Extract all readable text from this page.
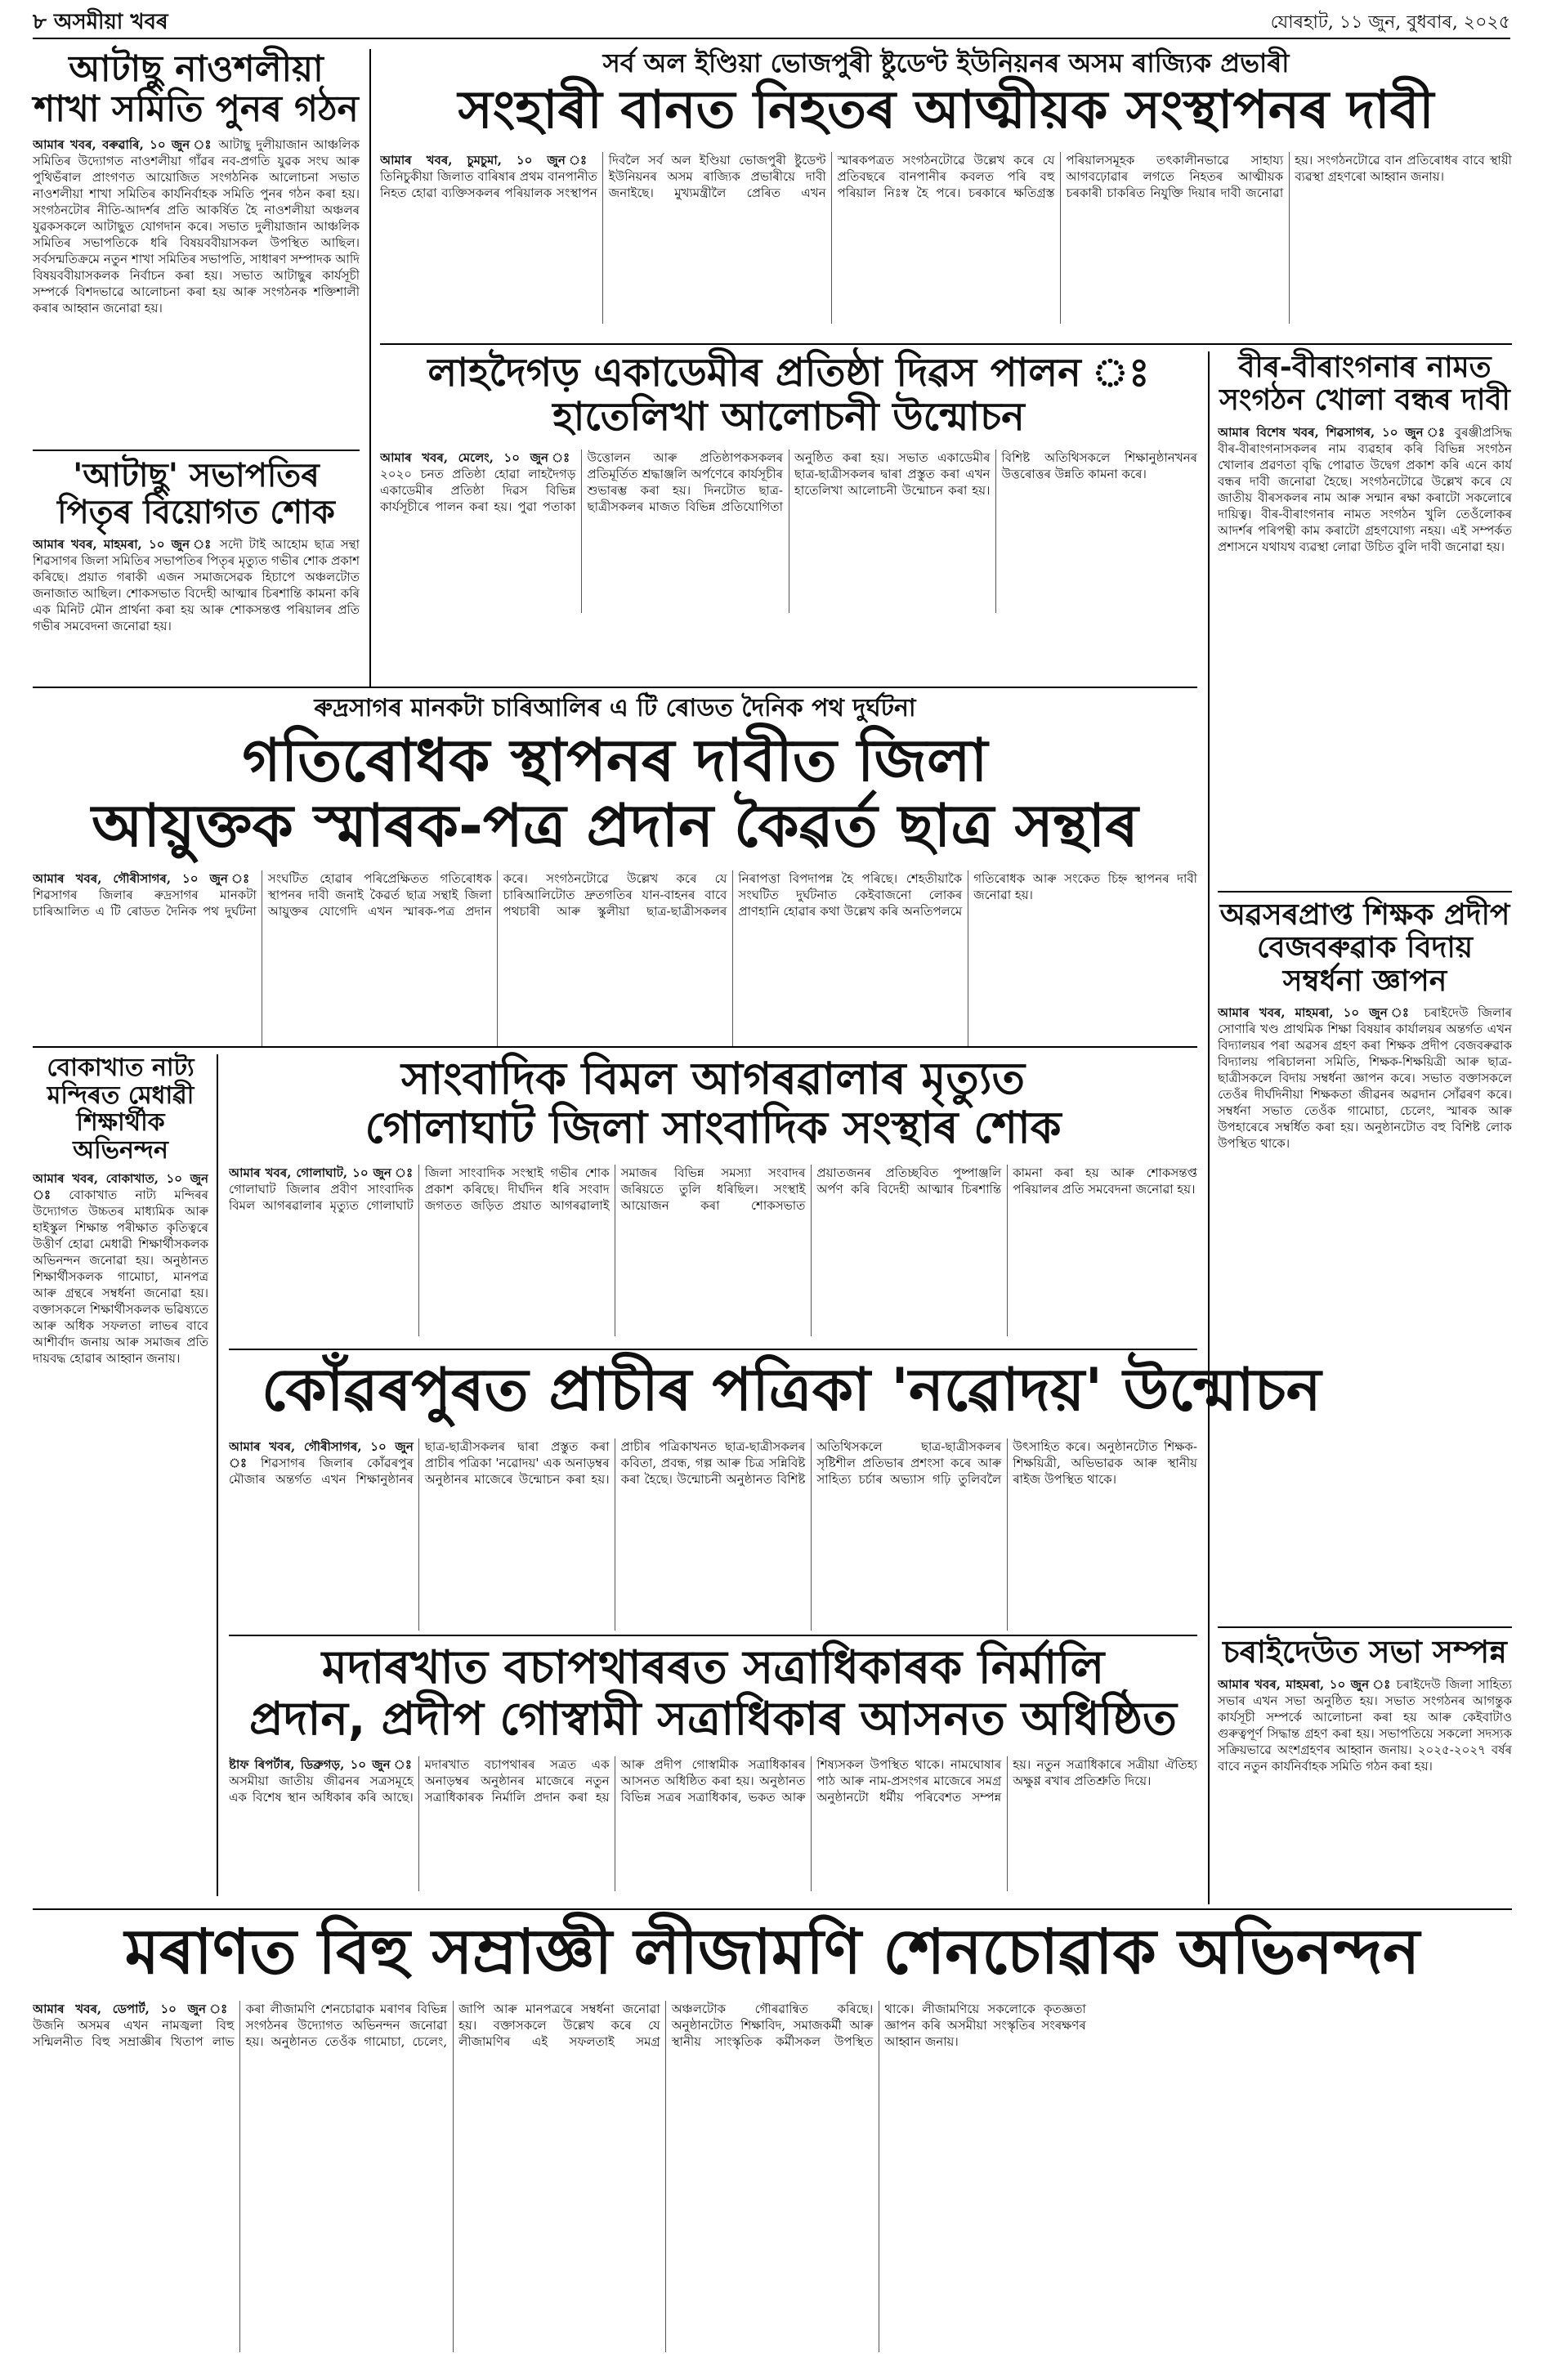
৮ অসমীয়া খবৰ	যোৰহাট, ১১ জুন, বুধবাৰ, ২০২৫
আটাছু নাওশলীয়া শাখা সমিতি পুনৰ গঠন
আমাৰ খবৰ, বৰুৱাৰি, ১০ জুন ঃ আটাছু দুলীয়াজান আঞ্চলিক সমিতিৰ উদ্যোগত নাওশলীয়া গাঁৱৰ নব-প্ৰগতি যুৱক সংঘ আৰু পুথিভঁৰাল প্ৰাংগণত আয়োজিত সংগঠনিক আলোচনা সভাত নাওশলীয়া শাখা সমিতিৰ কাৰ্যনিৰ্বাহক সমিতি পুনৰ গঠন কৰা হয়। সংগঠনটোৰ নীতি-আদৰ্শৰ প্ৰতি আকৰ্ষিত হৈ নাওশলীয়া অঞ্চলৰ যুৱকসকলে আটাছুত যোগদান কৰে। সভাত দুলীয়াজান আঞ্চলিক সমিতিৰ সভাপতিকে ধৰি বিষয়ববীয়াসকল উপস্থিত আছিল। সৰ্বসন্মতিক্ৰমে নতুন শাখা সমিতিৰ সভাপতি, সাধাৰণ সম্পাদক আদি বিষয়ববীয়াসকলক নিৰ্বাচন কৰা হয়। সভাত আটাছুৰ কাৰ্যসূচী সম্পৰ্কে বিশদভাৱে আলোচনা কৰা হয় আৰু সংগঠনক শক্তিশালী কৰাৰ আহ্বান জনোৱা হয়।
'আটাছু' সভাপতিৰ পিতৃৰ বিয়োগত শোক
আমাৰ খবৰ, মাহমৰা, ১০ জুন ঃ সদৌ টাই আহোম ছাত্ৰ সন্থা শিৱসাগৰ জিলা সমিতিৰ সভাপতিৰ পিতৃৰ মৃত্যুত গভীৰ শোক প্ৰকাশ কৰিছে। প্ৰয়াত গৰাকী এজন সমাজসেৱক হিচাপে অঞ্চলটোত জনাজাত আছিল। শোকসভাত বিদেহী আত্মাৰ চিৰশান্তি কামনা কৰি এক মিনিট মৌন প্ৰাৰ্থনা কৰা হয় আৰু শোকসন্তপ্ত পৰিয়ালৰ প্ৰতি গভীৰ সমবেদনা জনোৱা হয়।
সৰ্ব অল ইণ্ডিয়া ভোজপুৰী ষ্টুডেণ্ট ইউনিয়নৰ অসম ৰাজ্যিক প্ৰভাৰী
সংহাৰী বানত নিহতৰ আত্মীয়ক সংস্থাপনৰ দাবী
আমাৰ খবৰ, চুমচুমা, ১০ জুন ঃ তিনিচুকীয়া জিলাত বাৰিষাৰ প্ৰথম বানপানীত নিহত হোৱা ব্যক্তিসকলৰ পৰিয়ালক সংস্থাপন দিবলৈ সৰ্ব অল ইণ্ডিয়া ভোজপুৰী ষ্টুডেণ্ট ইউনিয়নৰ অসম ৰাজ্যিক প্ৰভাৰীয়ে দাবী জনাইছে। মুখ্যমন্ত্ৰীলৈ প্ৰেৰিত এখন স্মাৰকপত্ৰত সংগঠনটোৱে উল্লেখ কৰে যে প্ৰতিবছৰে বানপানীৰ কবলত পৰি বহু পৰিয়াল নিঃস্ব হৈ পৰে। চৰকাৰে ক্ষতিগ্ৰস্ত পৰিয়ালসমূহক তৎকালীনভাৱে সাহায্য আগবঢ়োৱাৰ লগতে নিহতৰ আত্মীয়ক চৰকাৰী চাকৰিত নিযুক্তি দিয়াৰ দাবী জনোৱা হয়। সংগঠনটোৱে বান প্ৰতিৰোধৰ বাবে স্থায়ী ব্যৱস্থা গ্ৰহণৰো আহ্বান জনায়।
লাহদৈগড় একাডেমীৰ প্ৰতিষ্ঠা দিৱস পালন ঃ হাতেলিখা আলোচনী উন্মোচন
আমাৰ খবৰ, মেলেং, ১০ জুন ঃ ২০২০ চনত প্ৰতিষ্ঠা হোৱা লাহদৈগড় একাডেমীৰ প্ৰতিষ্ঠা দিৱস বিভিন্ন কাৰ্যসূচীৰে পালন কৰা হয়। পুৱা পতাকা উত্তোলন আৰু প্ৰতিষ্ঠাপকসকলৰ প্ৰতিমূৰ্তিত শ্ৰদ্ধাঞ্জলি অৰ্পণেৰে কাৰ্যসূচীৰ শুভাৰম্ভ কৰা হয়। দিনটোত ছাত্ৰ-ছাত্ৰীসকলৰ মাজত বিভিন্ন প্ৰতিযোগিতা অনুষ্ঠিত কৰা হয়। সভাত একাডেমীৰ ছাত্ৰ-ছাত্ৰীসকলৰ দ্বাৰা প্ৰস্তুত কৰা এখন হাতেলিখা আলোচনী উন্মোচন কৰা হয়। বিশিষ্ট অতিথিসকলে শিক্ষানুষ্ঠানখনৰ উত্তৰোত্তৰ উন্নতি কামনা কৰে।
বীৰ-বীৰাংগনাৰ নামত সংগঠন খোলা বন্ধৰ দাবী
আমাৰ বিশেষ খবৰ, শিৱসাগৰ, ১০ জুন ঃ বুৰঞ্জীপ্ৰসিদ্ধ বীৰ-বীৰাংগনাসকলৰ নাম ব্যৱহাৰ কৰি বিভিন্ন সংগঠন খোলাৰ প্ৰৱণতা বৃদ্ধি পোৱাত উদ্বেগ প্ৰকাশ কৰি এনে কাৰ্য বন্ধৰ দাবী জনোৱা হৈছে। সংগঠনটোৱে উল্লেখ কৰে যে জাতীয় বীৰসকলৰ নাম আৰু সন্মান ৰক্ষা কৰাটো সকলোৰে দায়িত্ব। বীৰ-বীৰাংগনাৰ নামত সংগঠন খুলি তেওঁলোকৰ আদৰ্শৰ পৰিপন্থী কাম কৰাটো গ্ৰহণযোগ্য নহয়। এই সম্পৰ্কত প্ৰশাসনে যথাযথ ব্যৱস্থা লোৱা উচিত বুলি দাবী জনোৱা হয়।
ৰুদ্ৰসাগৰ মানকটা চাৰিআলিৰ এ টি ৰোডত দৈনিক পথ দুৰ্ঘটনা
গতিৰোধক স্থাপনৰ দাবীত জিলা
আয়ুক্তক স্মাৰক-পত্ৰ প্ৰদান কৈৱৰ্ত ছাত্ৰ সন্থাৰ
আমাৰ খবৰ, গৌৰীসাগৰ, ১০ জুন ঃ শিৱসাগৰ জিলাৰ ৰুদ্ৰসাগৰ মানকটা চাৰিআলিত এ টি ৰোডত দৈনিক পথ দুৰ্ঘটনা সংঘটিত হোৱাৰ পৰিপ্ৰেক্ষিতত গতিৰোধক স্থাপনৰ দাবী জনাই কৈৱৰ্ত ছাত্ৰ সন্থাই জিলা আয়ুক্তৰ যোগেদি এখন স্মাৰক-পত্ৰ প্ৰদান কৰে। সংগঠনটোৱে উল্লেখ কৰে যে চাৰিআলিটোত দ্ৰুতগতিৰ যান-বাহনৰ বাবে পথচাৰী আৰু স্কুলীয়া ছাত্ৰ-ছাত্ৰীসকলৰ নিৰাপত্তা বিপদাপন্ন হৈ পৰিছে। শেহতীয়াকৈ সংঘটিত দুৰ্ঘটনাত কেইবাজনো লোকৰ প্ৰাণহানি হোৱাৰ কথা উল্লেখ কৰি অনতিপলমে গতিৰোধক আৰু সংকেত চিহ্ন স্থাপনৰ দাবী জনোৱা হয়।
অৱসৰপ্ৰাপ্ত শিক্ষক প্ৰদীপ বেজবৰুৱাক বিদায় সম্বৰ্ধনা জ্ঞাপন
আমাৰ খবৰ, মাহমৰা, ১০ জুন ঃ চৰাইদেউ জিলাৰ সোণাৰি খণ্ড প্ৰাথমিক শিক্ষা বিষয়াৰ কাৰ্যালয়ৰ অন্তৰ্গত এখন বিদ্যালয়ৰ পৰা অৱসৰ গ্ৰহণ কৰা শিক্ষক প্ৰদীপ বেজবৰুৱাক বিদ্যালয় পৰিচালনা সমিতি, শিক্ষক-শিক্ষয়িত্ৰী আৰু ছাত্ৰ-ছাত্ৰীসকলে বিদায় সম্বৰ্ধনা জ্ঞাপন কৰে। সভাত বক্তাসকলে তেওঁৰ দীৰ্ঘদিনীয়া শিক্ষকতা জীৱনৰ অৱদান সোঁৱৰণ কৰে। সম্বৰ্ধনা সভাত তেওঁক গামোচা, চেলেং, স্মাৰক আৰু উপহাৰেৰে সম্বৰ্ধিত কৰা হয়। অনুষ্ঠানটোত বহু বিশিষ্ট লোক উপস্থিত থাকে।
বোকাখাত নাট্য মন্দিৰত মেধাৱী শিক্ষাৰ্থীক অভিনন্দন
আমাৰ খবৰ, বোকাখাত, ১০ জুন ঃ বোকাখাত নাট্য মন্দিৰৰ উদ্যোগত উচ্চতৰ মাধ্যমিক আৰু হাইস্কুল শিক্ষান্ত পৰীক্ষাত কৃতিত্বৰে উত্তীৰ্ণ হোৱা মেধাৱী শিক্ষাৰ্থীসকলক অভিনন্দন জনোৱা হয়। অনুষ্ঠানত শিক্ষাৰ্থীসকলক গামোচা, মানপত্ৰ আৰু গ্ৰন্থৰে সম্বৰ্ধনা জনোৱা হয়। বক্তাসকলে শিক্ষাৰ্থীসকলক ভৱিষ্যতে আৰু অধিক সফলতা লাভৰ বাবে আশীৰ্বাদ জনায় আৰু সমাজৰ প্ৰতি দায়বদ্ধ হোৱাৰ আহ্বান জনায়।
সাংবাদিক বিমল আগৰৱালাৰ মৃত্যুত
গোলাঘাট জিলা সাংবাদিক সংস্থাৰ শোক
আমাৰ খবৰ, গোলাঘাট, ১০ জুন ঃ গোলাঘাট জিলাৰ প্ৰবীণ সাংবাদিক বিমল আগৰৱালাৰ মৃত্যুত গোলাঘাট জিলা সাংবাদিক সংস্থাই গভীৰ শোক প্ৰকাশ কৰিছে। দীৰ্ঘদিন ধৰি সংবাদ জগতত জড়িত প্ৰয়াত আগৰৱালাই সমাজৰ বিভিন্ন সমস্যা সংবাদৰ জৰিয়তে তুলি ধৰিছিল। সংস্থাই আয়োজন কৰা শোকসভাত প্ৰয়াতজনৰ প্ৰতিচ্ছবিত পুষ্পাঞ্জলি অৰ্পণ কৰি বিদেহী আত্মাৰ চিৰশান্তি কামনা কৰা হয় আৰু শোকসন্তপ্ত পৰিয়ালৰ প্ৰতি সমবেদনা জনোৱা হয়।
কোঁৱৰপুৰত প্ৰাচীৰ পত্ৰিকা 'নৱোদয়' উন্মোচন
আমাৰ খবৰ, গৌৰীসাগৰ, ১০ জুন ঃ শিৱসাগৰ জিলাৰ কোঁৱৰপুৰ মৌজাৰ অন্তৰ্গত এখন শিক্ষানুষ্ঠানৰ ছাত্ৰ-ছাত্ৰীসকলৰ দ্বাৰা প্ৰস্তুত কৰা প্ৰাচীৰ পত্ৰিকা 'নৱোদয়' এক অনাড়ম্বৰ অনুষ্ঠানৰ মাজেৰে উন্মোচন কৰা হয়। প্ৰাচীৰ পত্ৰিকাখনত ছাত্ৰ-ছাত্ৰীসকলৰ কবিতা, প্ৰবন্ধ, গল্প আৰু চিত্ৰ সন্নিবিষ্ট কৰা হৈছে। উন্মোচনী অনুষ্ঠানত বিশিষ্ট অতিথিসকলে ছাত্ৰ-ছাত্ৰীসকলৰ সৃষ্টিশীল প্ৰতিভাৰ প্ৰশংসা কৰে আৰু সাহিত্য চৰ্চাৰ অভ্যাস গঢ়ি তুলিবলৈ উৎসাহিত কৰে। অনুষ্ঠানটোত শিক্ষক-শিক্ষয়িত্ৰী, অভিভাৱক আৰু স্থানীয় ৰাইজ উপস্থিত থাকে।
চৰাইদেউত সভা সম্পন্ন
আমাৰ খবৰ, মাহমৰা, ১০ জুন ঃ চৰাইদেউ জিলা সাহিত্য সভাৰ এখন সভা অনুষ্ঠিত হয়। সভাত সংগঠনৰ আগন্তুক কাৰ্যসূচী সম্পৰ্কে আলোচনা কৰা হয় আৰু কেইবাটাও গুৰুত্বপূৰ্ণ সিদ্ধান্ত গ্ৰহণ কৰা হয়। সভাপতিয়ে সকলো সদস্যক সক্ৰিয়ভাৱে অংশগ্ৰহণৰ আহ্বান জনায়। ২০২৫-২০২৭ বৰ্ষৰ বাবে নতুন কাৰ্যনিৰ্বাহক সমিতি গঠন কৰা হয়।
মদাৰখাত বচাপথাৰৰত সত্ৰাধিকাৰক নিৰ্মালি
প্ৰদান, প্ৰদীপ গোস্বামী সত্ৰাধিকাৰ আসনত অধিষ্ঠিত
ষ্টাফ ৰিপৰ্টাৰ, ডিব্ৰুগড়, ১০ জুন ঃ অসমীয়া জাতীয় জীৱনৰ সত্ৰসমূহে এক বিশেষ স্থান অধিকাৰ কৰি আছে। মদাৰখাত বচাপথাৰৰ সত্ৰত এক অনাড়ম্বৰ অনুষ্ঠানৰ মাজেৰে নতুন সত্ৰাধিকাৰক নিৰ্মালি প্ৰদান কৰা হয় আৰু প্ৰদীপ গোস্বামীক সত্ৰাধিকাৰৰ আসনত অধিষ্ঠিত কৰা হয়। অনুষ্ঠানত বিভিন্ন সত্ৰৰ সত্ৰাধিকাৰ, ভকত আৰু শিষ্যসকল উপস্থিত থাকে। নামঘোষাৰ পাঠ আৰু নাম-প্ৰসংগৰ মাজেৰে সমগ্ৰ অনুষ্ঠানটো ধৰ্মীয় পৰিবেশত সম্পন্ন হয়। নতুন সত্ৰাধিকাৰে সত্ৰীয়া ঐতিহ্য অক্ষুণ্ণ ৰখাৰ প্ৰতিশ্ৰুতি দিয়ে।
মৰাণত বিহু সম্ৰাজ্ঞী লীজামণি শেনচোৱাক অভিনন্দন
আমাৰ খবৰ, ডেপাৰ্ট, ১০ জুন ঃ উজনি অসমৰ এখন নামজ্বলা বিহু সন্মিলনীত বিহু সম্ৰাজ্ঞীৰ খিতাপ লাভ কৰা লীজামণি শেনচোৱাক মৰাণৰ বিভিন্ন সংগঠনৰ উদ্যোগত অভিনন্দন জনোৱা হয়। অনুষ্ঠানত তেওঁক গামোচা, চেলেং, জাপি আৰু মানপত্ৰৰে সম্বৰ্ধনা জনোৱা হয়। বক্তাসকলে উল্লেখ কৰে যে লীজামণিৰ এই সফলতাই সমগ্ৰ অঞ্চলটোক গৌৰৱান্বিত কৰিছে। অনুষ্ঠানটোত শিক্ষাবিদ, সমাজকৰ্মী আৰু স্থানীয় সাংস্কৃতিক কৰ্মীসকল উপস্থিত থাকে। লীজামণিয়ে সকলোকে কৃতজ্ঞতা জ্ঞাপন কৰি অসমীয়া সংস্কৃতিৰ সংৰক্ষণৰ আহ্বান জনায়।
